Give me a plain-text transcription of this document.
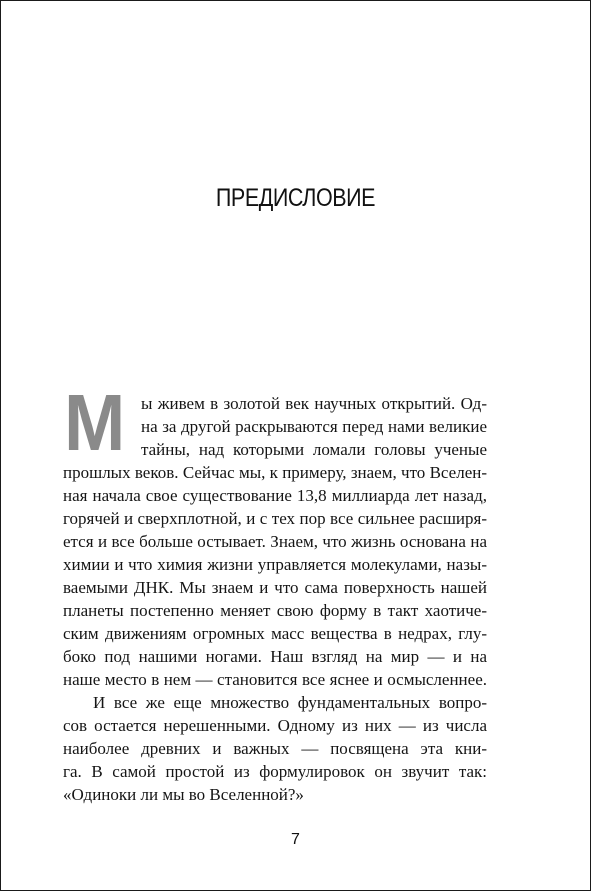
ПРЕДИСЛОВИЕ
М ы живем в золотой век научных открытий. Од-
на за другой раскрываются перед нами великие
тайны, над которыми ломали головы ученые
прошлых веков. Сейчас мы, к примеру, знаем, что Вселен-
ная начала свое существование 13,8 миллиарда лет назад,
горячей и сверхплотной, и с тех пор все сильнее расширя-
ется и все больше остывает. Знаем, что жизнь основана на
химии и что химия жизни управляется молекулами, назы-
ваемыми ДНК. Мы знаем и что сама поверхность нашей
планеты постепенно меняет свою форму в такт хаотиче-
ским движениям огромных масс вещества в недрах, глу-
боко под нашими ногами. Наш взгляд на мир — и на
наше место в нем — становится все яснее и осмысленнее.
И все же еще множество фундаментальных вопро-
сов остается нерешенными. Одному из них — из числа
наиболее древних и важных — посвящена эта кни-
га. В самой простой из формулировок он звучит так:
«Одиноки ли мы во Вселенной?»
7
